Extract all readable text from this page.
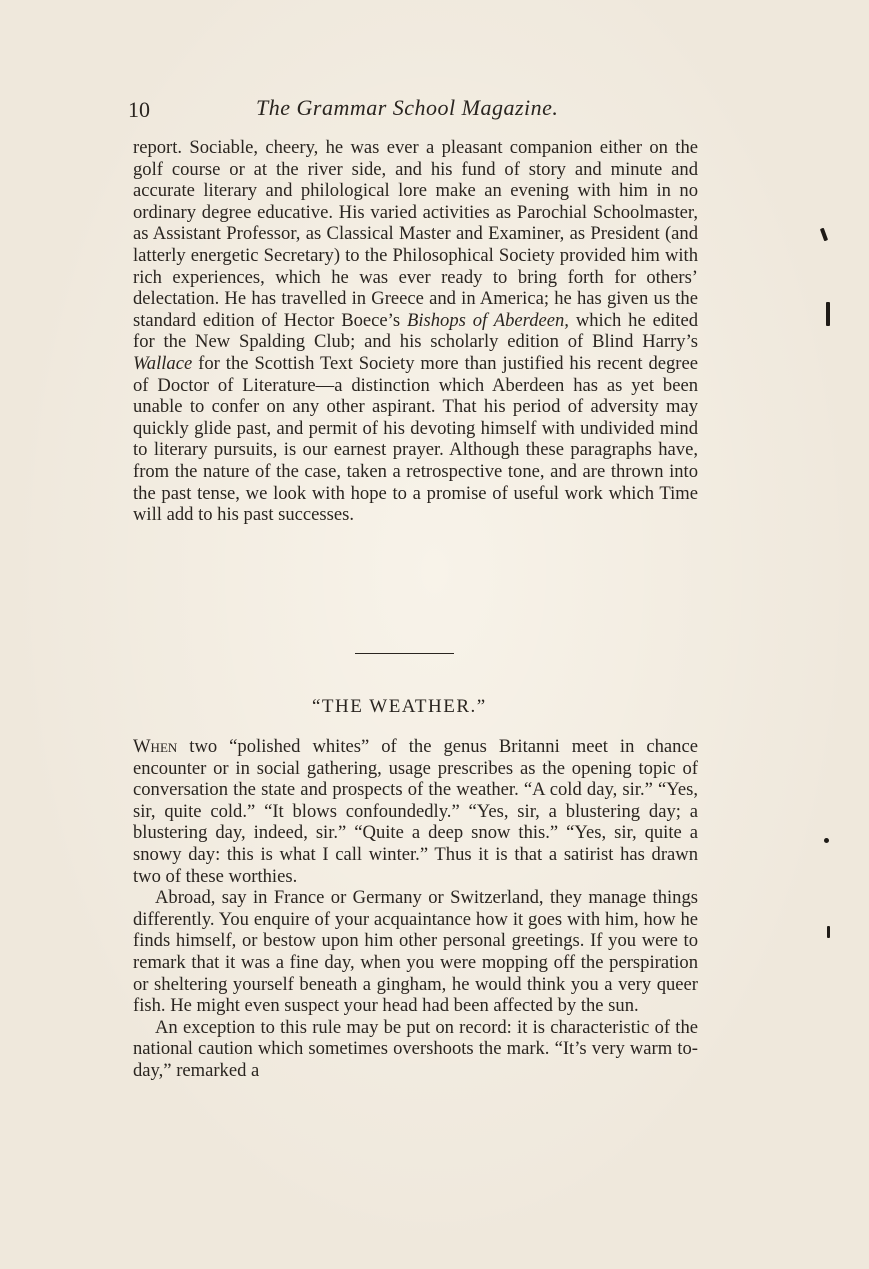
10	The Grammar School Magazine.

report. Sociable, cheery, he was ever a pleasant companion either on the golf course or at the river side, and his fund of story and minute and accurate literary and philological lore make an evening with him in no ordinary degree educative. His varied activities as Parochial Schoolmaster, as Assistant Professor, as Classical Master and Examiner, as President (and latterly energetic Secretary) to the Philosophical Society provided him with rich experiences, which he was ever ready to bring forth for others’ delectation. He has travelled in Greece and in America; he has given us the standard edition of Hector Boece’s Bishops of Aberdeen, which he edited for the New Spalding Club; and his scholarly edition of Blind Harry’s Wallace for the Scottish Text Society more than justified his recent degree of Doctor of Literature—a distinction which Aberdeen has as yet been unable to confer on any other aspirant. That his period of adversity may quickly glide past, and permit of his devoting himself with undivided mind to literary pursuits, is our earnest prayer. Although these paragraphs have, from the nature of the case, taken a retrospective tone, and are thrown into the past tense, we look with hope to a promise of useful work which Time will add to his past successes.

“THE WEATHER.”

When two “polished whites” of the genus Britanni meet in chance encounter or in social gathering, usage prescribes as the opening topic of conversation the state and prospects of the weather. “A cold day, sir.” “Yes, sir, quite cold.” “It blows confoundedly.” “Yes, sir, a blustering day; a blustering day, indeed, sir.” “Quite a deep snow this.” “Yes, sir, quite a snowy day: this is what I call winter.” Thus it is that a satirist has drawn two of these worthies.

Abroad, say in France or Germany or Switzerland, they manage things differently. You enquire of your acquaintance how it goes with him, how he finds himself, or bestow upon him other personal greetings. If you were to remark that it was a fine day, when you were mopping off the perspiration or sheltering yourself beneath a gingham, he would think you a very queer fish. He might even suspect your head had been affected by the sun.

An exception to this rule may be put on record: it is characteristic of the national caution which sometimes overshoots the mark. “It’s very warm to-day,” remarked a
